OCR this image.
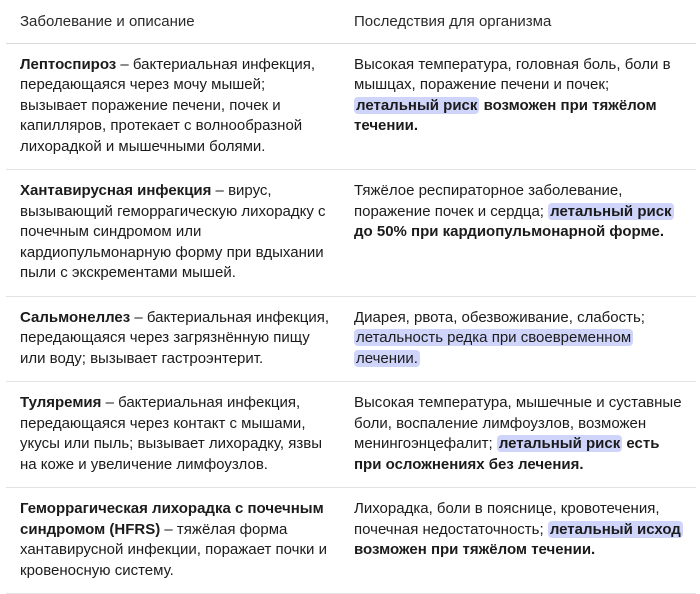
Заболевание и описание	Последствия для организма
Лептоспироз – бактериальная инфекция, передающаяся через мочу мышей; вызывает поражение печени, почек и капилляров, протекает с волнообразной лихорадкой и мышечными болями.	Высокая температура, головная боль, боли в мышцах, поражение печени и почек; летальный риск возможен при тяжёлом течении.
Хантавирусная инфекция – вирус, вызывающий геморрагическую лихорадку с почечным синдромом или кардиопульмонарную форму при вдыхании пыли с экскрементами мышей.	Тяжёлое респираторное заболевание, поражение почек и сердца; летальный риск до 50% при кардиопульмонарной форме.
Сальмонеллез – бактериальная инфекция, передающаяся через загрязнённую пищу или воду; вызывает гастроэнтерит.	Диарея, рвота, обезвоживание, слабость; летальность редка при своевременном лечении.
Туляремия – бактериальная инфекция, передающаяся через контакт с мышами, укусы или пыль; вызывает лихорадку, язвы на коже и увеличение лимфоузлов.	Высокая температура, мышечные и суставные боли, воспаление лимфоузлов, возможен менингоэнцефалит; летальный риск есть при осложнениях без лечения.
Геморрагическая лихорадка с почечным синдромом (HFRS) – тяжёлая форма хантавирусной инфекции, поражает почки и кровеносную систему.	Лихорадка, боли в пояснице, кровотечения, почечная недостаточность; летальный исход возможен при тяжёлом течении.
